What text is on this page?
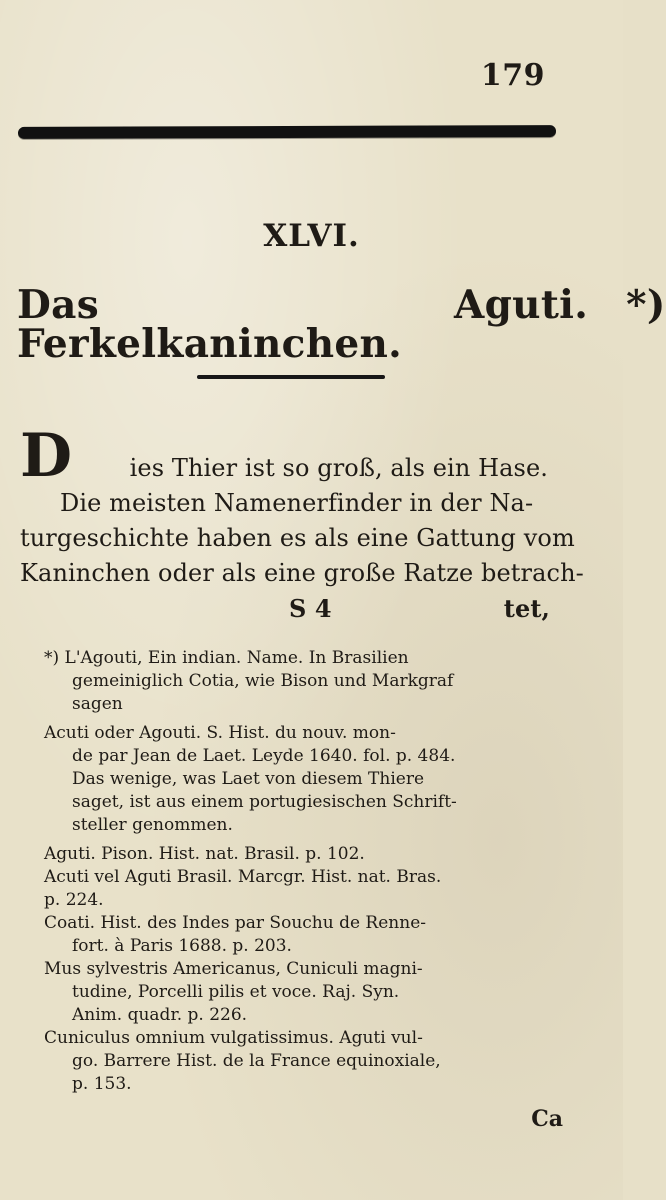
179
XLVI.
Das Ferkelkaninchen.
Aguti. *)
D ies Thier ist so groß, als ein Hase.
Die meisten Namenerfinder in der Na-
turgeschichte haben es als eine Gattung vom
Kaninchen oder als eine große Ratze betrach-
S 4	tet,
*) L'Agouti, Ein indian. Name. In Brasilien
gemeiniglich Cotia, wie Bison und Markgraf
sagen
Acuti oder Agouti. S. Hist. du nouv. mon-
de par Jean de Laet. Leyde 1640. fol. p. 484.
Das wenige, was Laet von diesem Thiere
saget, ist aus einem portugiesischen Schrift-
steller genommen.
Aguti. Pison. Hist. nat. Brasil. p. 102.
Acuti vel Aguti Brasil. Marcgr. Hist. nat. Bras.
p. 224.
Coati. Hist. des Indes par Souchu de Renne-
fort. à Paris 1688. p. 203.
Mus sylvestris Americanus, Cuniculi magni-
tudine, Porcelli pilis et voce. Raj. Syn.
Anim. quadr. p. 226.
Cuniculus omnium vulgatissimus. Aguti vul-
go. Barrere Hist. de la France equinoxiale,
p. 153.
Ca
